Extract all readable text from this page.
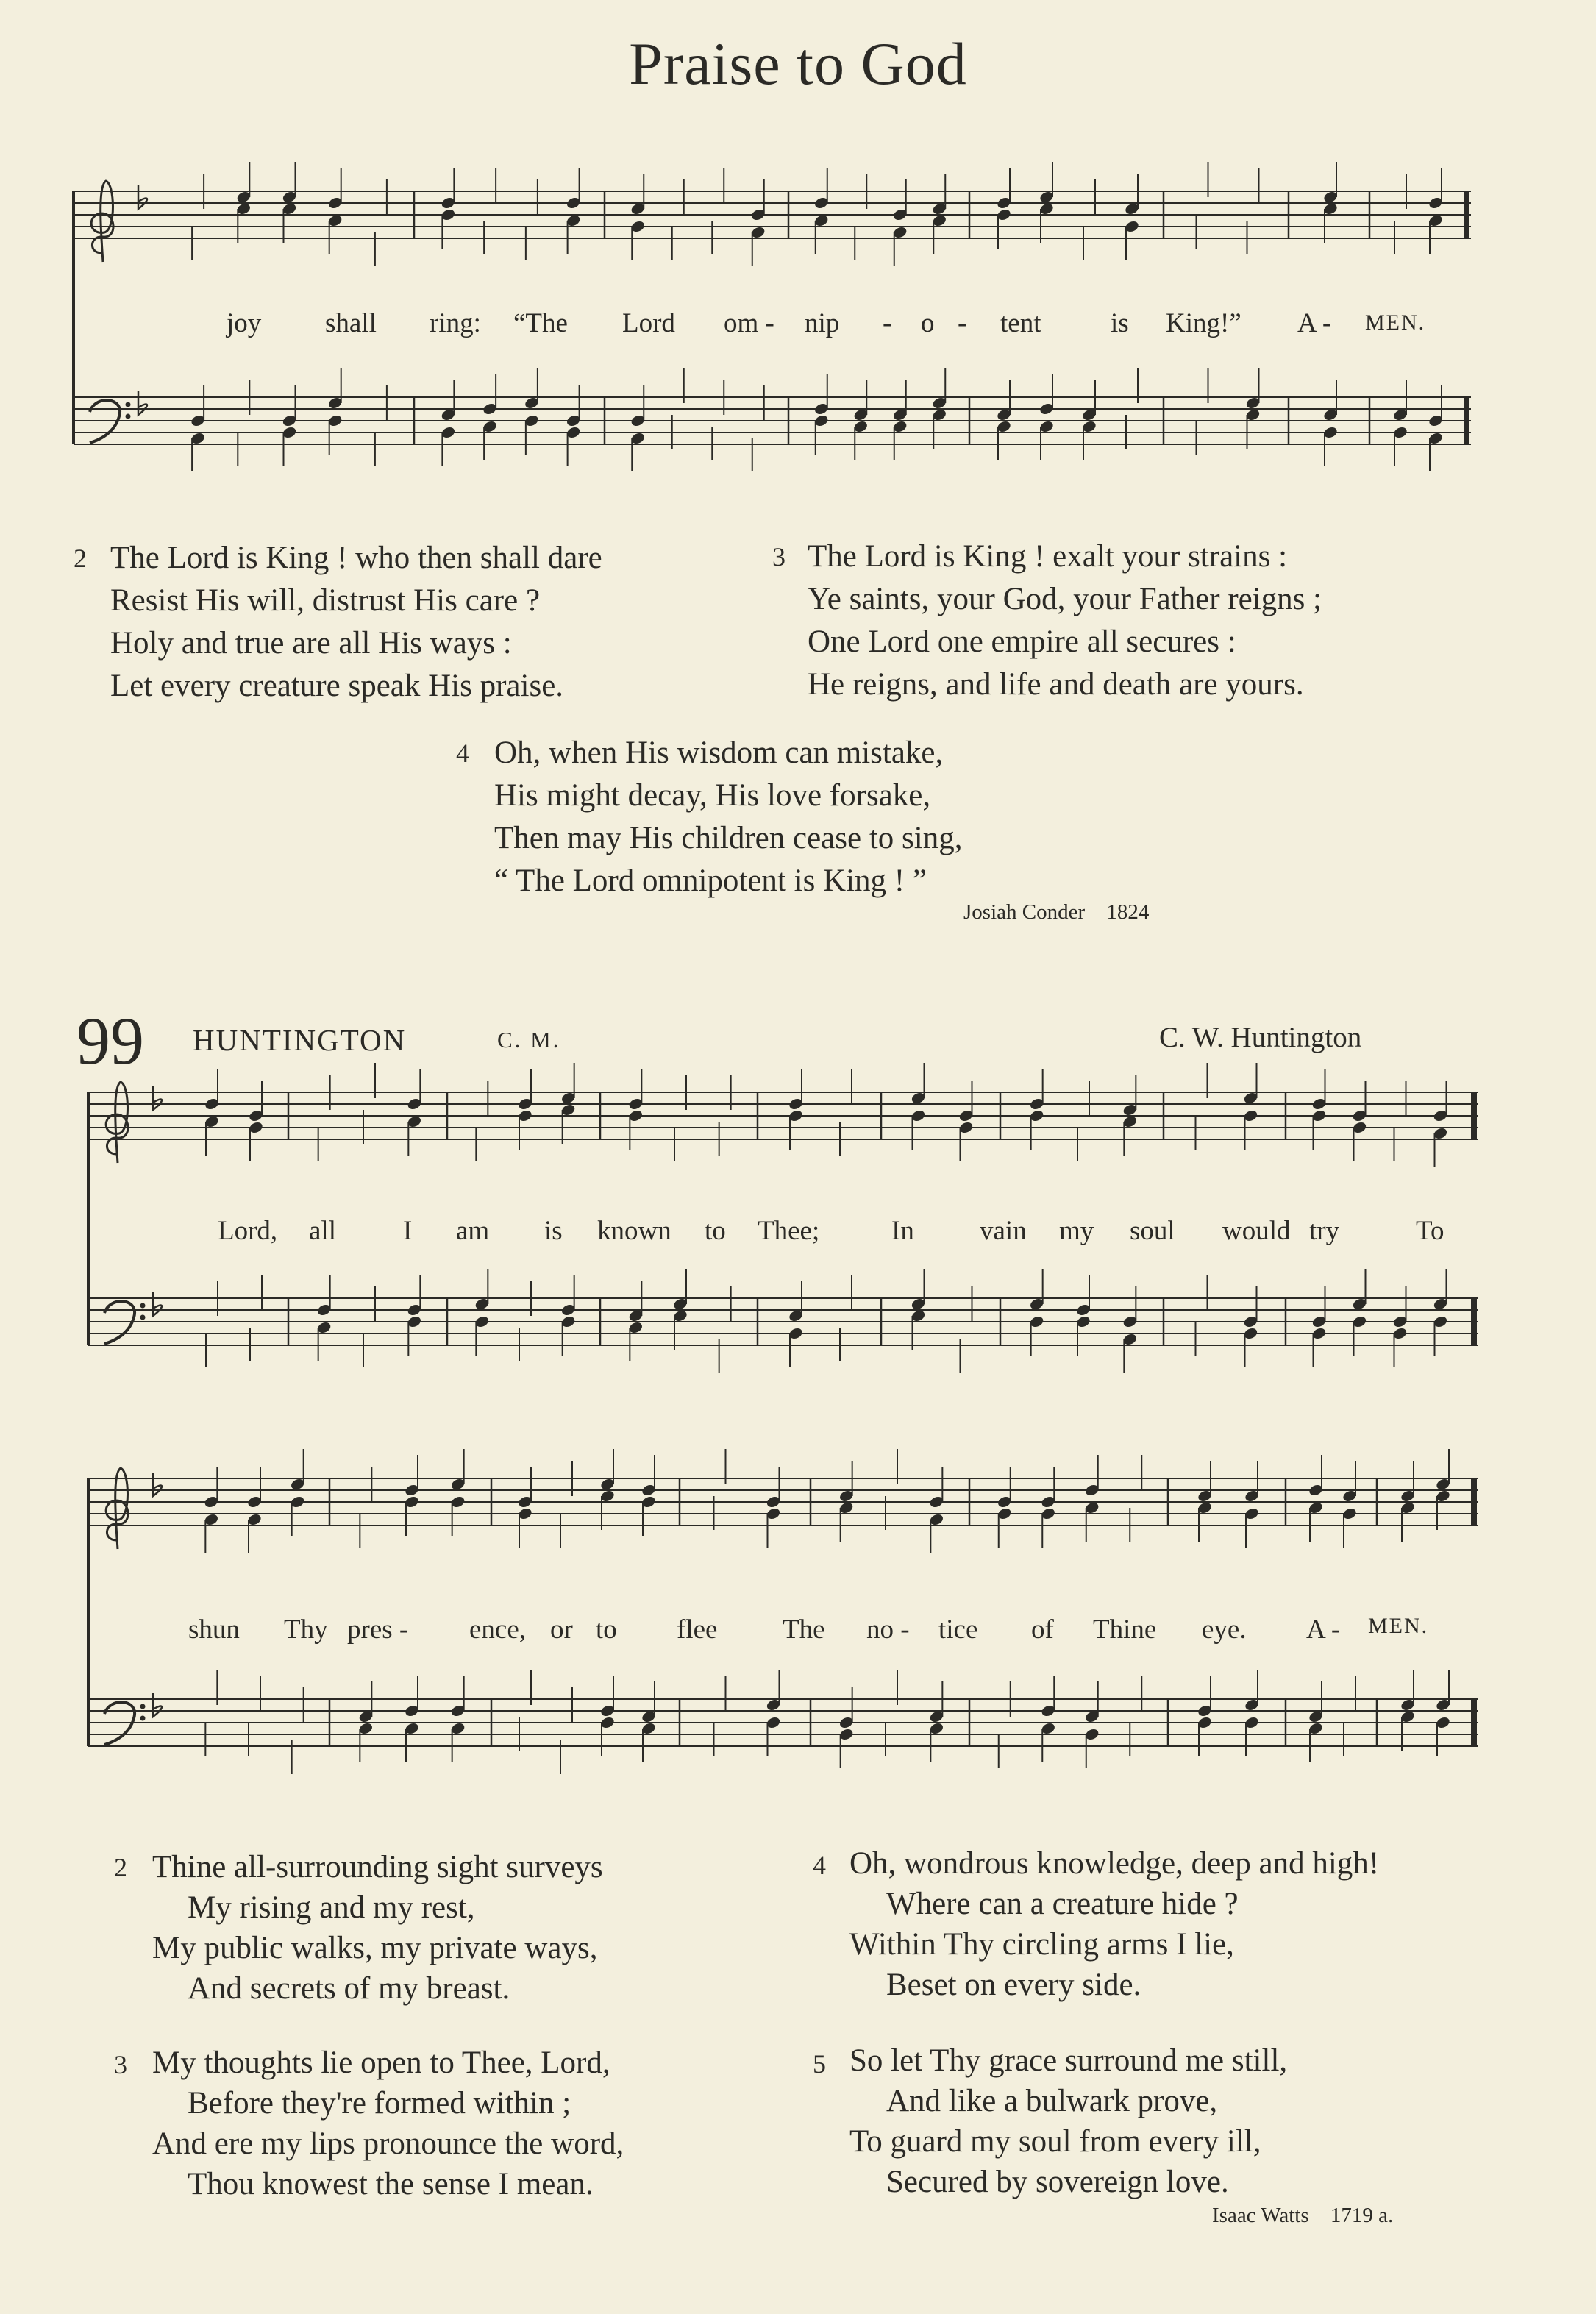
Praise to God
joy shall ring: “The Lord om - nip - o - tent	is King!” A - MEN.
2 The Lord is King ! who then shall dare
Resist His will, distrust His care ?
Holy and true are all His ways :
Let every creature speak His praise.
3 The Lord is King ! exalt your strains :
Ye saints, your God, your Father reigns ;
One Lord one empire all secures :
He reigns, and life and death are yours.
4 Oh, when His wisdom can mistake,
His might decay, His love forsake,
Then may His children cease to sing,
“ The Lord omnipotent is King ! ”
Josiah Conder 1824
99 HUNTINGTON	C. M.	C. W. Huntington
Lord, all I am is known to Thee;	In vain my soul would try	To
shun Thy pres - ence, or to flee The no - tice of Thine eye. A - MEN.
2 Thine all-surrounding sight surveys
My rising and my rest,
My public walks, my private ways,
And secrets of my breast.
3 My thoughts lie open to Thee, Lord,
Before they're formed within ;
And ere my lips pronounce the word,
Thou knowest the sense I mean.
4 Oh, wondrous knowledge, deep and high!
Where can a creature hide ?
Within Thy circling arms I lie,
Beset on every side.
5 So let Thy grace surround me still,
And like a bulwark prove,
To guard my soul from every ill,
Secured by sovereign love.
Isaac Watts 1719 a.
